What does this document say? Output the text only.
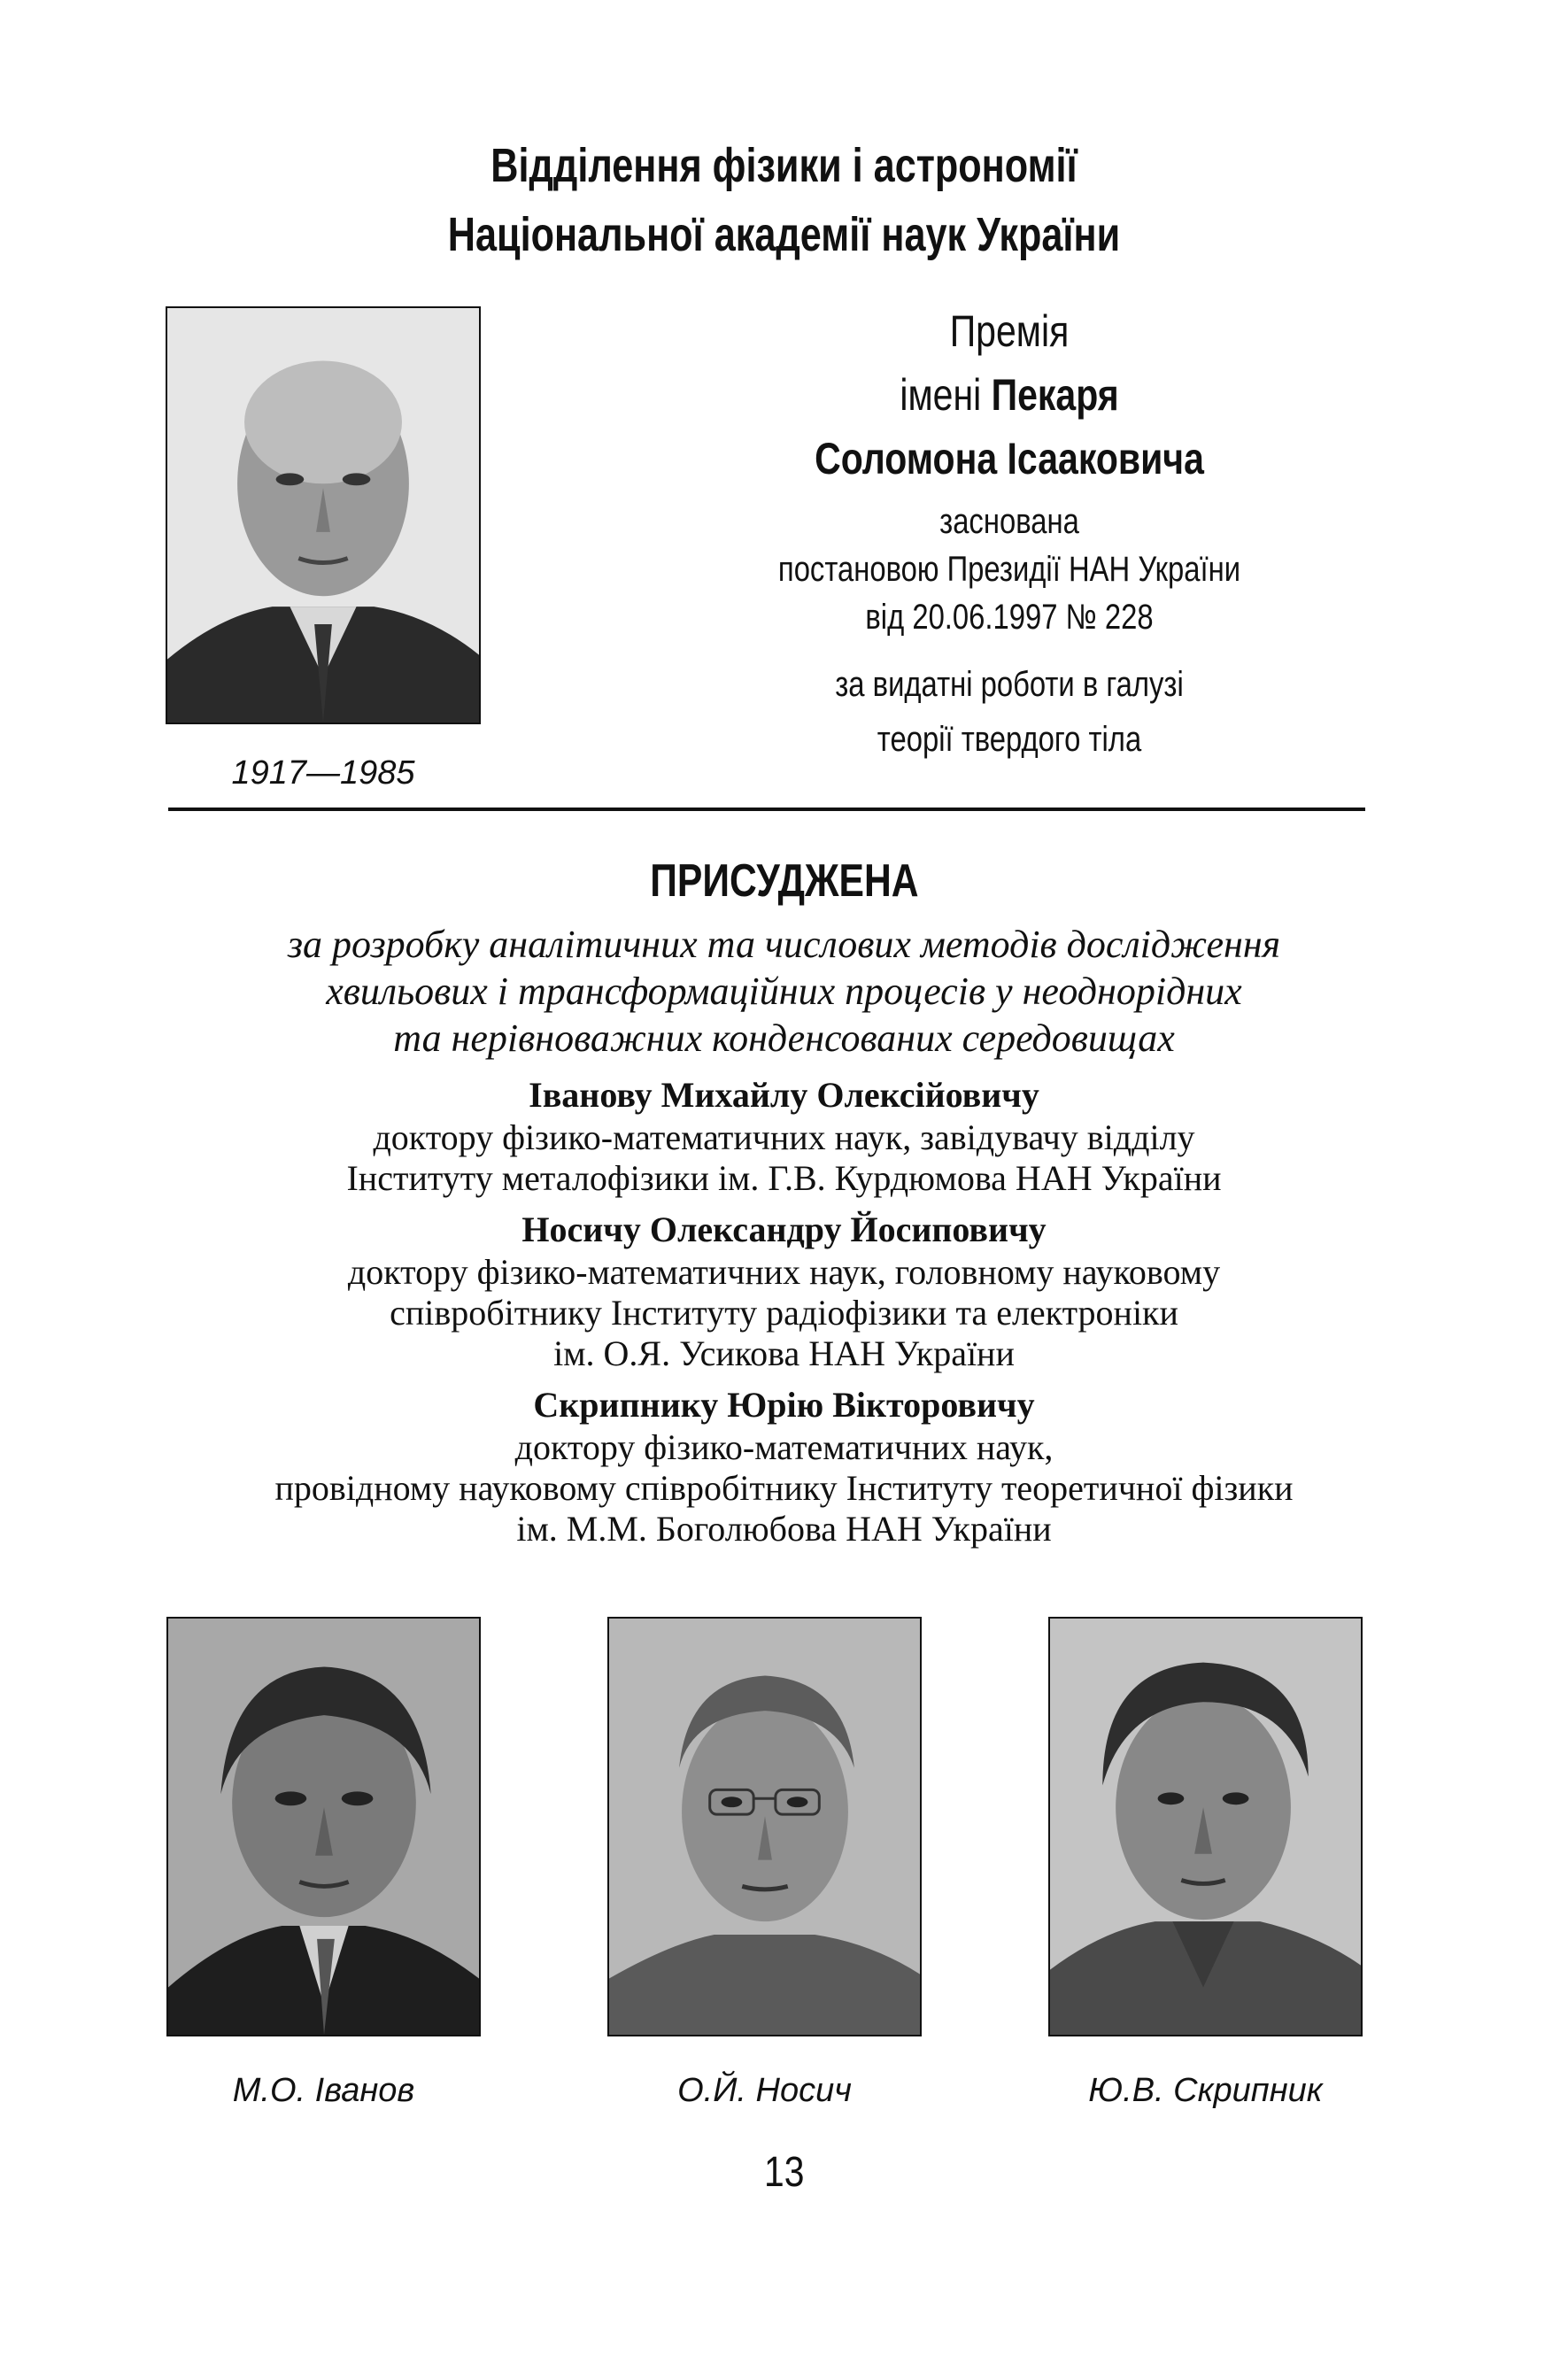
Відділення фізики і астрономії
Національної академії наук України
1917—1985
Премія
імені Пекаря
Соломона Ісааковича
заснована
постановою Президії НАН України
від 20.06.1997 № 228
за видатні роботи в галузі
теорії твердого тіла
ПРИСУДЖЕНА
за розробку аналітичних та числових методів дослідження
хвильових і трансформаційних процесів у неоднорідних
та нерівноважних конденсованих середовищах
Іванову Михайлу Олексійовичу
доктору фізико-математичних наук, завідувачу відділу
Інституту металофізики ім. Г.В. Курдюмова НАН України
Носичу Олександру Йосиповичу
доктору фізико-математичних наук, головному науковому
співробітнику Інституту радіофізики та електроніки
ім. О.Я. Усикова НАН України
Скрипнику Юрію Вікторовичу
доктору фізико-математичних наук,
провідному науковому співробітнику Інституту теоретичної фізики
ім. М.М. Боголюбова НАН України
М.О. Іванов	О.Й. Носич	Ю.В. Скрипник
13
